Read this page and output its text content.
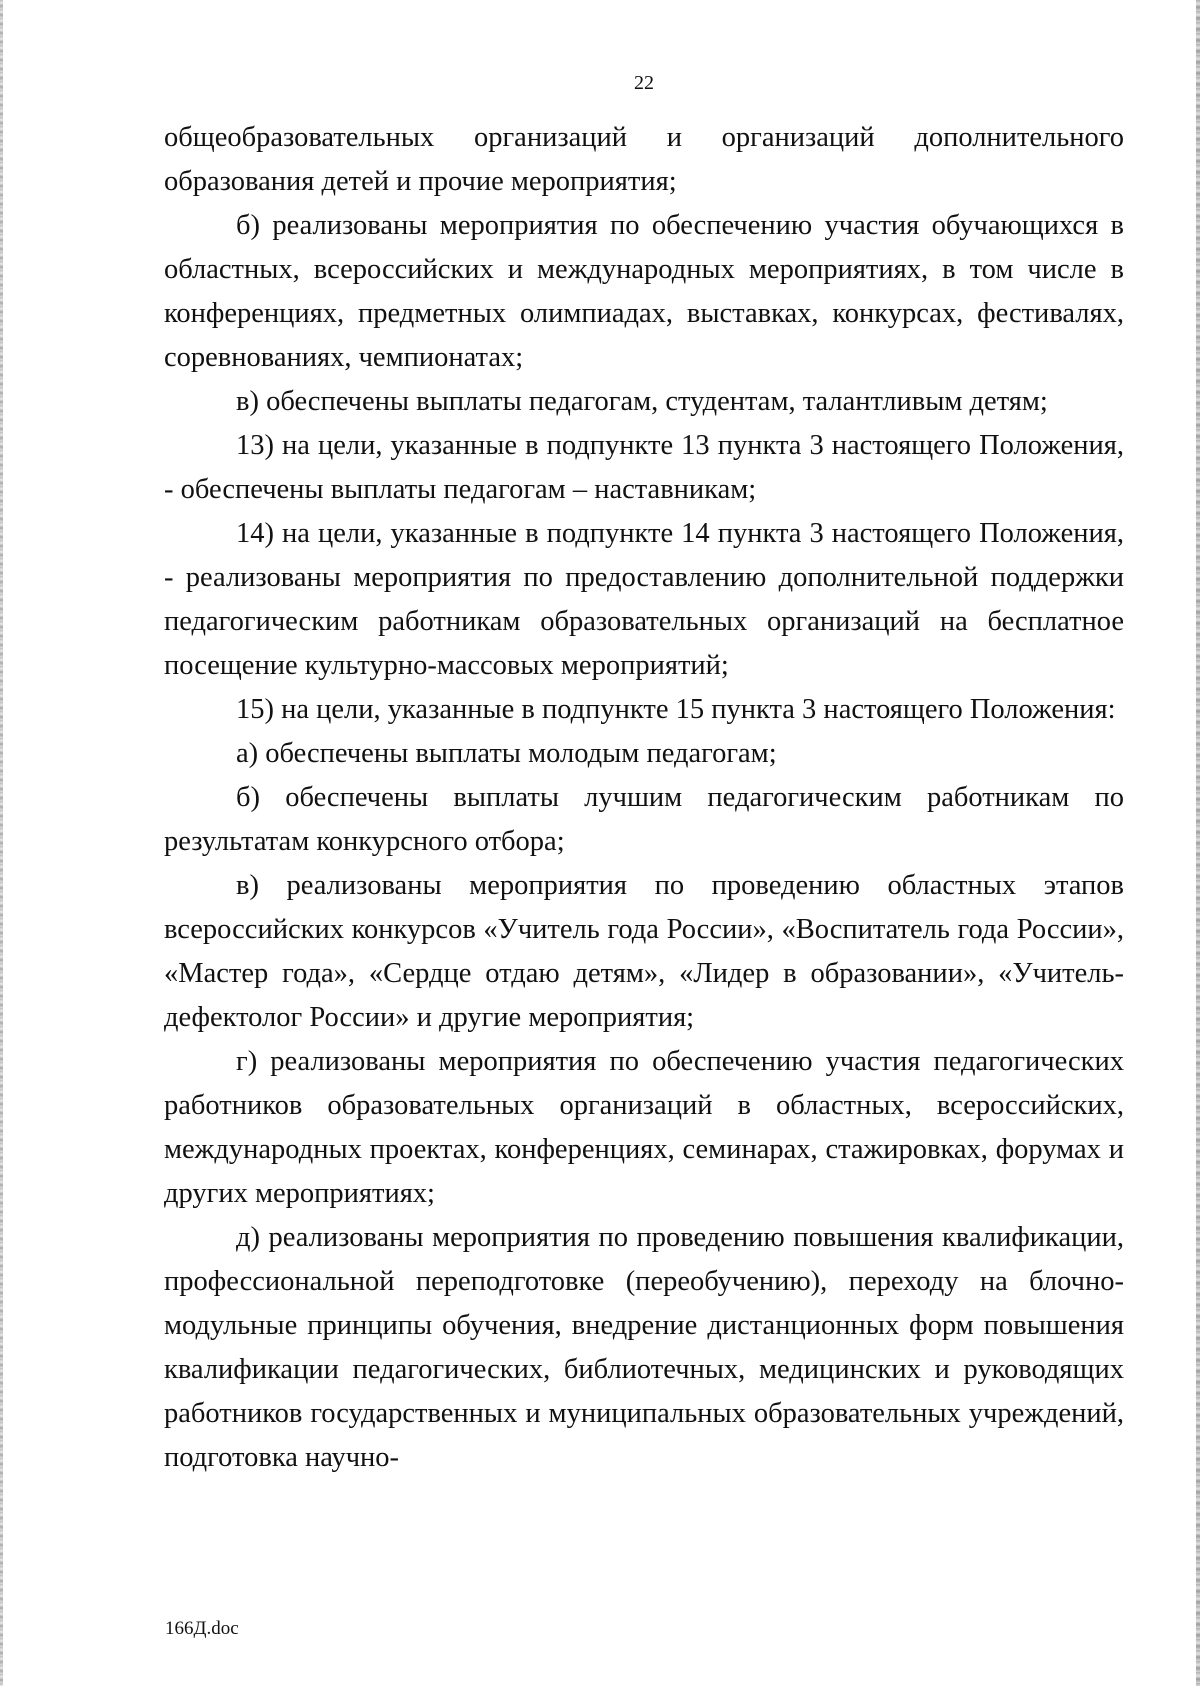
22

общеобразовательных организаций и организаций дополнительного образования детей и прочие мероприятия;

б) реализованы мероприятия по обеспечению участия обучающихся в областных, всероссийских и международных мероприятиях, в том числе в конференциях, предметных олимпиадах, выставках, конкурсах, фестивалях, соревнованиях, чемпионатах;

в) обеспечены выплаты педагогам, студентам, талантливым детям;

13) на цели, указанные в подпункте 13 пункта 3 настоящего Положения, - обеспечены выплаты педагогам – наставникам;

14) на цели, указанные в подпункте 14 пункта 3 настоящего Положения, - реализованы мероприятия по предоставлению дополнительной поддержки педагогическим работникам образовательных организаций на бесплатное посещение культурно-массовых мероприятий;

15) на цели, указанные в подпункте 15 пункта 3 настоящего Положения:

а) обеспечены выплаты молодым педагогам;

б) обеспечены выплаты лучшим педагогическим работникам по результатам конкурсного отбора;

в) реализованы мероприятия по проведению областных этапов всероссийских конкурсов «Учитель года России», «Воспитатель года России», «Мастер года», «Сердце отдаю детям», «Лидер в образовании», «Учитель-дефектолог России» и другие мероприятия;

г) реализованы мероприятия по обеспечению участия педагогических работников образовательных организаций в областных, всероссийских, международных проектах, конференциях, семинарах, стажировках, форумах и других мероприятиях;

д) реализованы мероприятия по проведению повышения квалификации, профессиональной переподготовке (переобучению), переходу на блочно-модульные принципы обучения, внедрение дистанционных форм повышения квалификации педагогических, библиотечных, медицинских и руководящих работников государственных и муниципальных образовательных учреждений, подготовка научно-

166Д.doc
